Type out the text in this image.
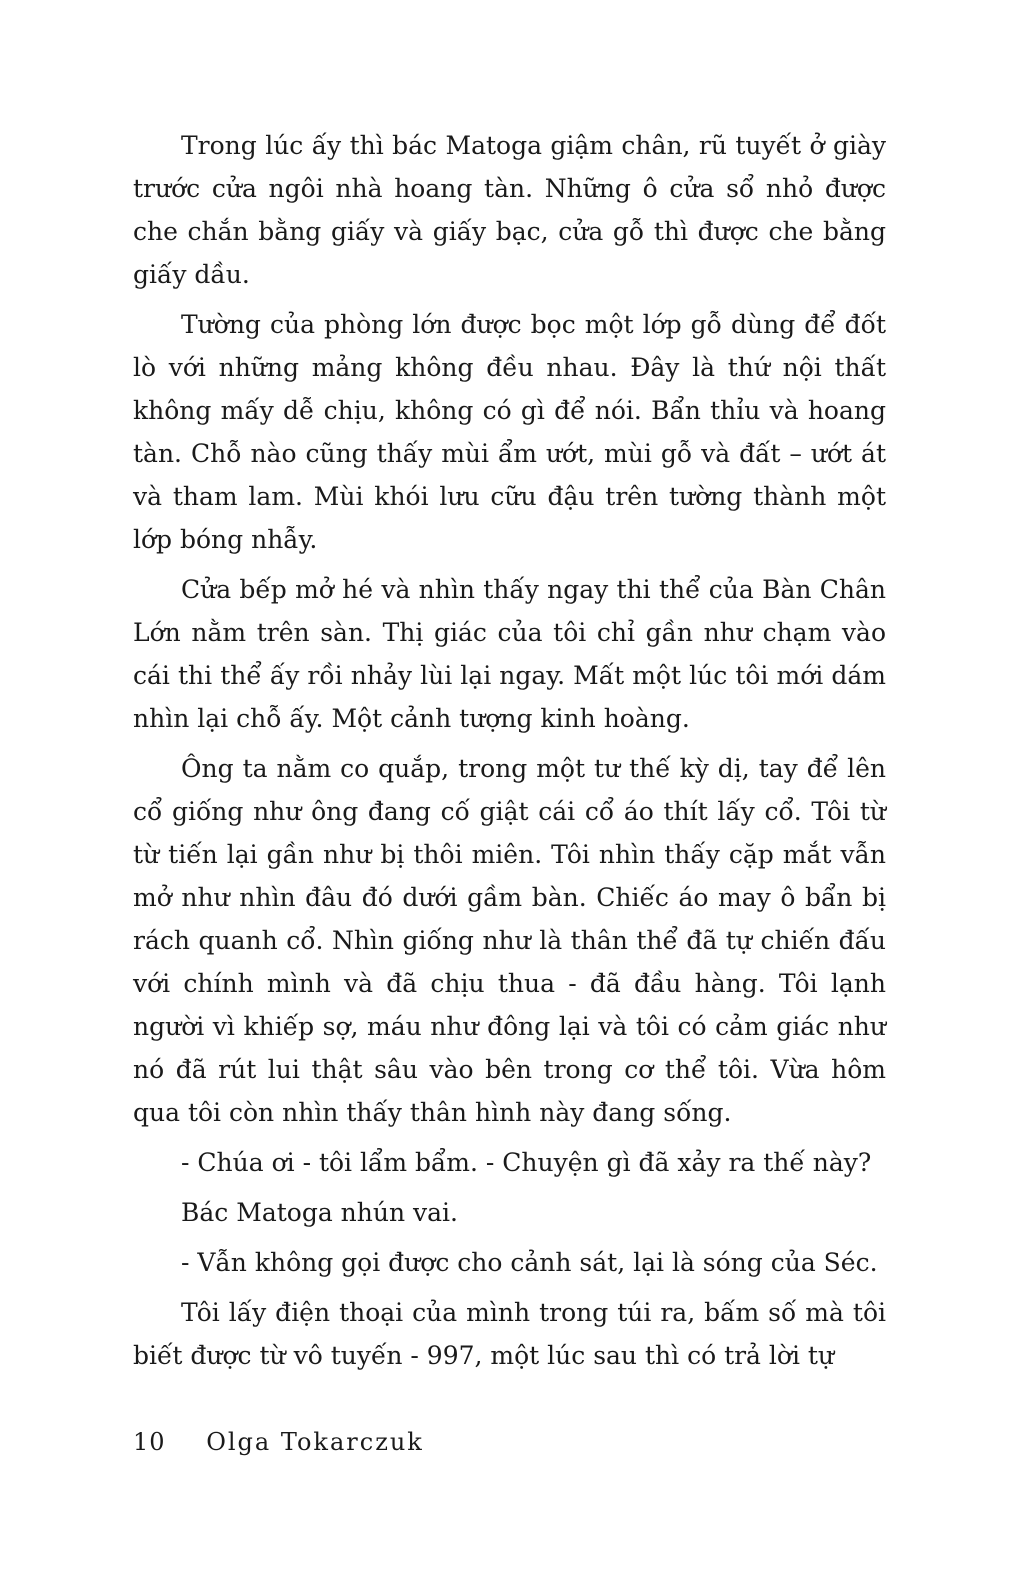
Trong lúc ấy thì bác Matoga giậm chân, rũ tuyết ở giày trước cửa ngôi nhà hoang tàn. Những ô cửa sổ nhỏ được che chắn bằng giấy và giấy bạc, cửa gỗ thì được che bằng giấy dầu.

Tường của phòng lớn được bọc một lớp gỗ dùng để đốt lò với những mảng không đều nhau. Đây là thứ nội thất không mấy dễ chịu, không có gì để nói. Bẩn thỉu và hoang tàn. Chỗ nào cũng thấy mùi ẩm ướt, mùi gỗ và đất – ướt át và tham lam. Mùi khói lưu cữu đậu trên tường thành một lớp bóng nhẫy.

Cửa bếp mở hé và nhìn thấy ngay thi thể của Bàn Chân Lớn nằm trên sàn. Thị giác của tôi chỉ gần như chạm vào cái thi thể ấy rồi nhảy lùi lại ngay. Mất một lúc tôi mới dám nhìn lại chỗ ấy. Một cảnh tượng kinh hoàng.

Ông ta nằm co quắp, trong một tư thế kỳ dị, tay để lên cổ giống như ông đang cố giật cái cổ áo thít lấy cổ. Tôi từ từ tiến lại gần như bị thôi miên. Tôi nhìn thấy cặp mắt vẫn mở như nhìn đâu đó dưới gầm bàn. Chiếc áo may ô bẩn bị rách quanh cổ. Nhìn giống như là thân thể đã tự chiến đấu với chính mình và đã chịu thua - đã đầu hàng. Tôi lạnh người vì khiếp sợ, máu như đông lại và tôi có cảm giác như nó đã rút lui thật sâu vào bên trong cơ thể tôi. Vừa hôm qua tôi còn nhìn thấy thân hình này đang sống.

- Chúa ơi - tôi lẩm bẩm. - Chuyện gì đã xảy ra thế này?

Bác Matoga nhún vai.

- Vẫn không gọi được cho cảnh sát, lại là sóng của Séc.

Tôi lấy điện thoại của mình trong túi ra, bấm số mà tôi biết được từ vô tuyến - 997, một lúc sau thì có trả lời tự

10 Olga Tokarczuk
